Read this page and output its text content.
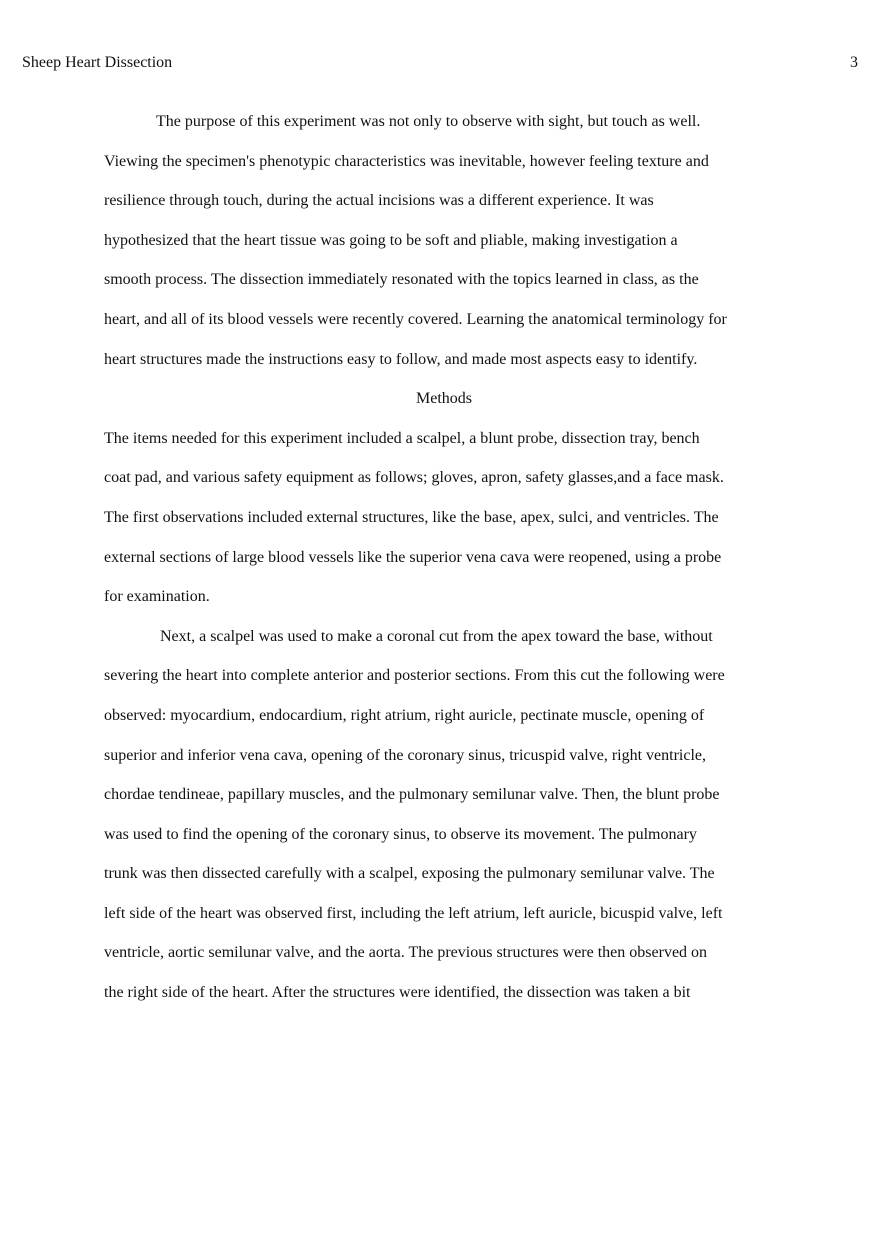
Sheep Heart Dissection	3
The purpose of this experiment was not only to observe with sight, but touch as well.
Viewing the specimen's phenotypic characteristics was inevitable, however feeling texture and
resilience through touch, during the actual incisions was a different experience. It was
hypothesized that the heart tissue was going to be soft and pliable, making investigation a
smooth process. The dissection immediately resonated with the topics learned in class, as the
heart, and all of its blood vessels were recently covered. Learning the anatomical terminology for
heart structures made the instructions easy to follow, and made most aspects easy to identify.
Methods
The items needed for this experiment included a scalpel, a blunt probe, dissection tray, bench
coat pad, and various safety equipment as follows; gloves, apron, safety glasses,and a face mask.
The first observations included external structures, like the base, apex, sulci, and ventricles. The
external sections of large blood vessels like the superior vena cava were reopened, using a probe
for examination.
Next, a scalpel was used to make a coronal cut from the apex toward the base, without
severing the heart into complete anterior and posterior sections. From this cut the following were
observed: myocardium, endocardium, right atrium, right auricle, pectinate muscle, opening of
superior and inferior vena cava, opening of the coronary sinus, tricuspid valve, right ventricle,
chordae tendineae, papillary muscles, and the pulmonary semilunar valve. Then, the blunt probe
was used to find the opening of the coronary sinus, to observe its movement. The pulmonary
trunk was then dissected carefully with a scalpel, exposing the pulmonary semilunar valve. The
left side of the heart was observed first, including the left atrium, left auricle, bicuspid valve, left
ventricle, aortic semilunar valve, and the aorta. The previous structures were then observed on
the right side of the heart. After the structures were identified, the dissection was taken a bit
